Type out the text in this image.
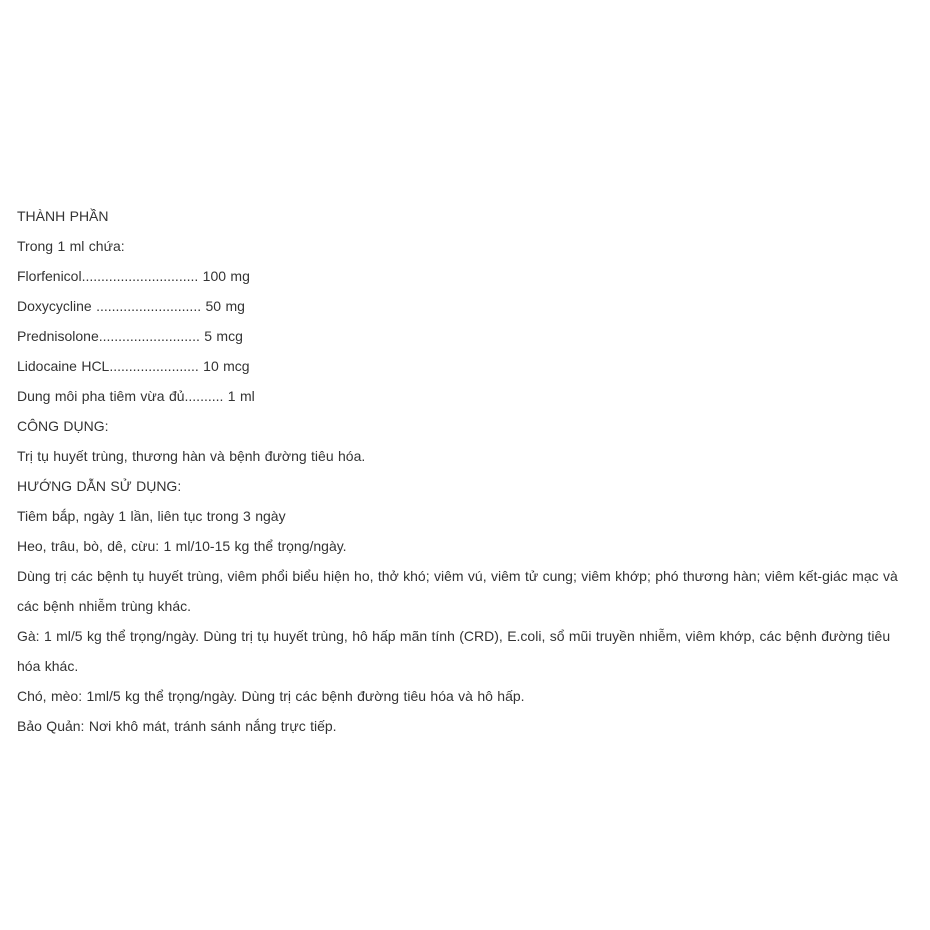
THÀNH PHẦN

Trong 1 ml chứa:

Florfenicol.............................. 100 mg

Doxycycline ........................... 50 mg

Prednisolone.......................... 5 mcg

Lidocaine HCL....................... 10 mcg

Dung môi pha tiêm vừa đủ.......... 1 ml

CÔNG DỤNG:

Trị tụ huyết trùng, thương hàn và bệnh đường tiêu hóa.

HƯỚNG DẪN SỬ DỤNG:

Tiêm bắp, ngày 1 lần, liên tục trong 3 ngày

Heo, trâu, bò, dê, cừu: 1 ml/10-15 kg thể trọng/ngày.

Dùng trị các bệnh tụ huyết trùng, viêm phổi biểu hiện ho, thở khó; viêm vú, viêm tử cung; viêm khớp; phó thương hàn; viêm kết-giác mạc và các bệnh nhiễm trùng khác.

Gà: 1 ml/5 kg thể trọng/ngày. Dùng trị tụ huyết trùng, hô hấp mãn tính (CRD), E.coli, sổ mũi truyền nhiễm, viêm khớp, các bệnh đường tiêu hóa khác.

Chó, mèo: 1ml/5 kg thể trọng/ngày. Dùng trị các bệnh đường tiêu hóa và hô hấp.

Bảo Quản: Nơi khô mát, tránh sánh nắng trực tiếp.
